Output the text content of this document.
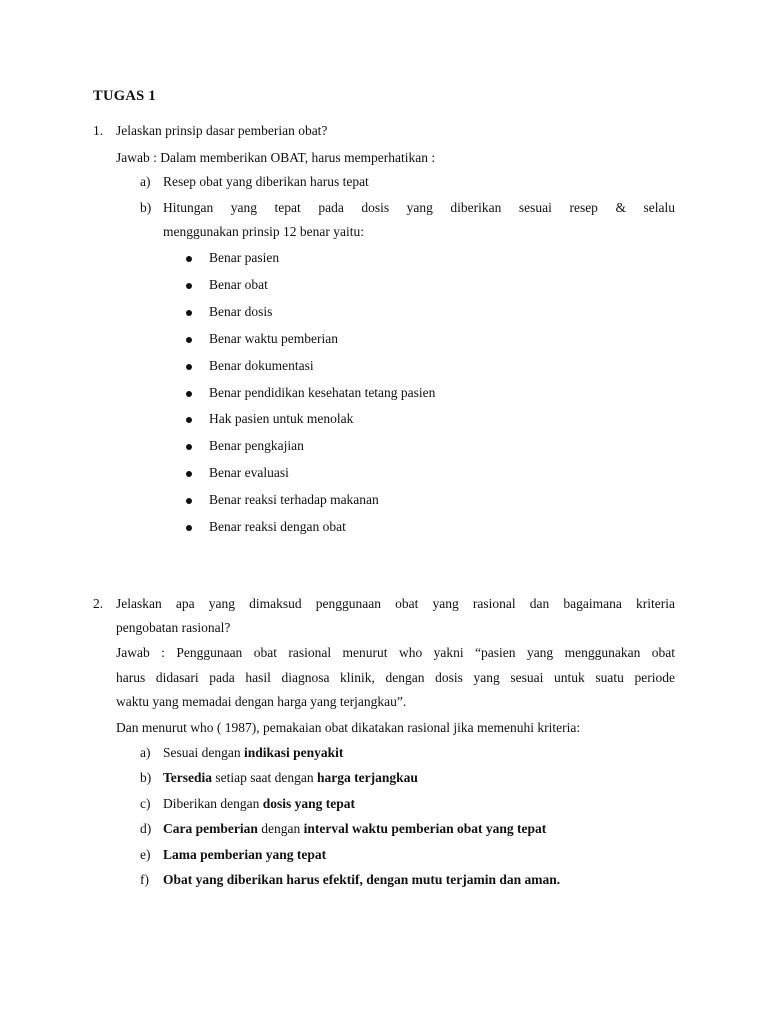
TUGAS 1
1. Jelaskan prinsip dasar pemberian obat?
Jawab : Dalam memberikan OBAT, harus memperhatikan :
a) Resep obat yang diberikan harus tepat
b) Hitungan yang tepat pada dosis yang diberikan sesuai resep & selalu
menggunakan prinsip 12 benar yaitu:
Benar pasien
Benar obat
Benar dosis
Benar waktu pemberian
Benar dokumentasi
Benar pendidikan kesehatan tetang pasien
Hak pasien untuk menolak
Benar pengkajian
Benar evaluasi
Benar reaksi terhadap makanan
Benar reaksi dengan obat
2. Jelaskan apa yang dimaksud penggunaan obat yang rasional dan bagaimana kriteria
pengobatan rasional?
Jawab : Penggunaan obat rasional menurut who yakni “pasien yang menggunakan obat
harus didasari pada hasil diagnosa klinik, dengan dosis yang sesuai untuk suatu periode
waktu yang memadai dengan harga yang terjangkau”.
Dan menurut who ( 1987), pemakaian obat dikatakan rasional jika memenuhi kriteria:
a) Sesuai dengan indikasi penyakit
b) Tersedia setiap saat dengan harga terjangkau
c) Diberikan dengan dosis yang tepat
d) Cara pemberian dengan interval waktu pemberian obat yang tepat
e) Lama pemberian yang tepat
f) Obat yang diberikan harus efektif, dengan mutu terjamin dan aman.
